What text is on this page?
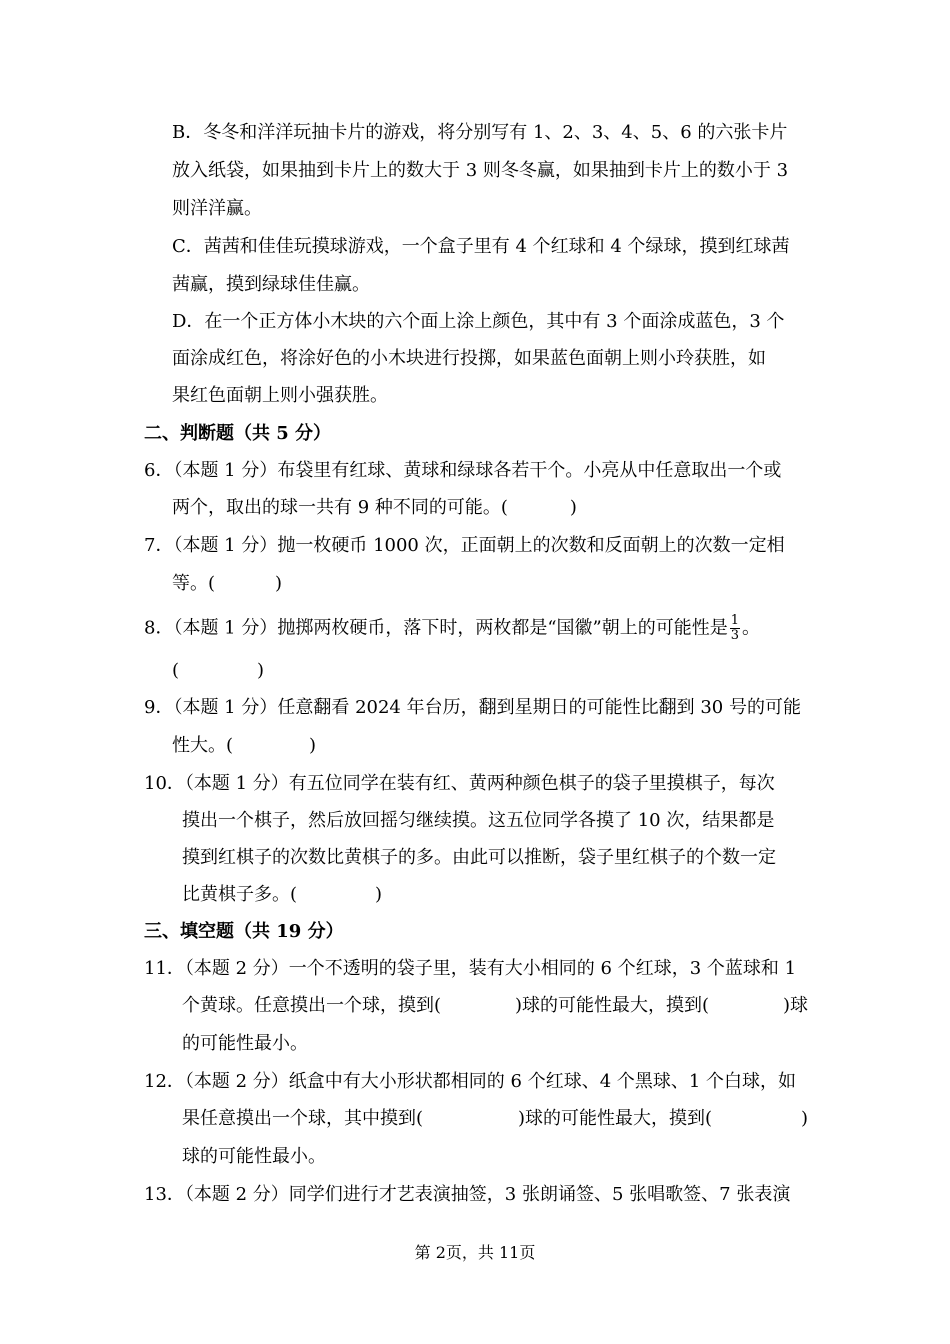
B．冬冬和洋洋玩抽卡片的游戏，将分别写有 1、2、3、4、5、6 的六张卡片
放入纸袋，如果抽到卡片上的数大于 3 则冬冬赢，如果抽到卡片上的数小于 3
则洋洋赢。
C．茜茜和佳佳玩摸球游戏，一个盒子里有 4 个红球和 4 个绿球，摸到红球茜
茜赢，摸到绿球佳佳赢。
D．在一个正方体小木块的六个面上涂上颜色，其中有 3 个面涂成蓝色，3 个
面涂成红色，将涂好色的小木块进行投掷，如果蓝色面朝上则小玲获胜，如
果红色面朝上则小强获胜。
二、判断题（共 5 分）
6．（本题 1 分）布袋里有红球、黄球和绿球各若干个。小亮从中任意取出一个或
两个，取出的球一共有 9 种不同的可能。(	)
7．（本题 1 分）抛一枚硬币 1000 次，正面朝上的次数和反面朝上的次数一定相
等。(	)
8．（本题 1 分）抛掷两枚硬币，落下时，两枚都是“国徽”朝上的可能性是 $\frac{1}{3}$ 。
(	)
9．（本题 1 分）任意翻看 2024 年台历，翻到星期日的可能性比翻到 30 号的可能
性大。(	)
10．（本题 1 分）有五位同学在装有红、黄两种颜色棋子的袋子里摸棋子，每次
摸出一个棋子，然后放回摇匀继续摸。这五位同学各摸了 10 次，结果都是
摸到红棋子的次数比黄棋子的多。由此可以推断，袋子里红棋子的个数一定
比黄棋子多。(	)
三、填空题（共 19 分）
11．（本题 2 分）一个不透明的袋子里，装有大小相同的 6 个红球，3 个蓝球和 1
个黄球。任意摸出一个球，摸到(	)球的可能性最大，摸到(	)球
的可能性最小。
12．（本题 2 分）纸盒中有大小形状都相同的 6 个红球、4 个黑球、1 个白球，如
果任意摸出一个球，其中摸到(	)球的可能性最大，摸到(	)
球的可能性最小。
13．（本题 2 分）同学们进行才艺表演抽签，3 张朗诵签、5 张唱歌签、7 张表演
第 2页，共 11页
